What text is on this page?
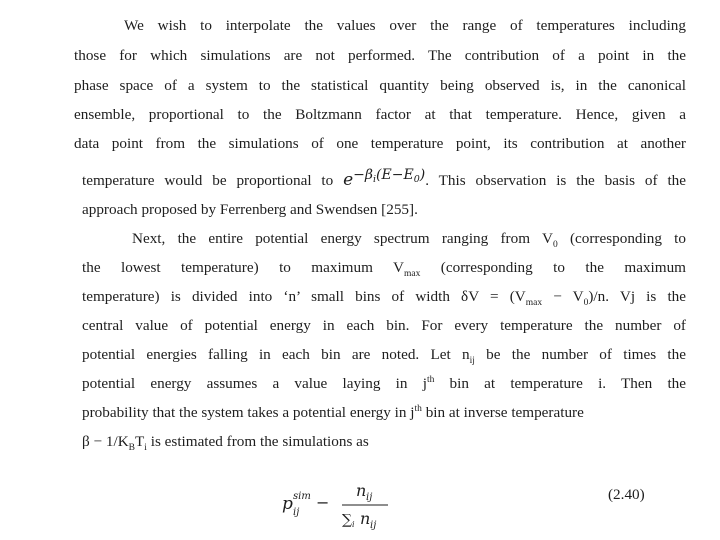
We wish to interpolate the values over the range of temperatures including
those for which simulations are not performed. The contribution of a point in the
phase space of a system to the statistical quantity being observed is, in the canonical
ensemble, proportional to the Boltzmann factor at that temperature. Hence, given a
data point from the simulations of one temperature point, its contribution at another
temperature would be proportional to $e^{-\beta_i(E-E_0)}$. This observation is the basis of the
approach proposed by Ferrenberg and Swendsen [255].
Next, the entire potential energy spectrum ranging from $V_0$ (corresponding to
the lowest temperature) to maximum $V_{max}$ (corresponding to the maximum
temperature) is divided into ‘n’ small bins of width $\delta V = (V_{max} - V_0)/n$. Vj is the
central value of potential energy in each bin. For every temperature the number of
potential energies falling in each bin are noted. Let $n_{ij}$ be the number of times the
potential energy assumes a value laying in $j^{th}$ bin at temperature i. Then the
probability that the system takes a potential energy in $j^{th}$ bin at inverse temperature
$\beta - 1/K_BT_i$ is estimated from the simulations as
p sim
ij
−
n ij
∑ i n ij
(2.40)
